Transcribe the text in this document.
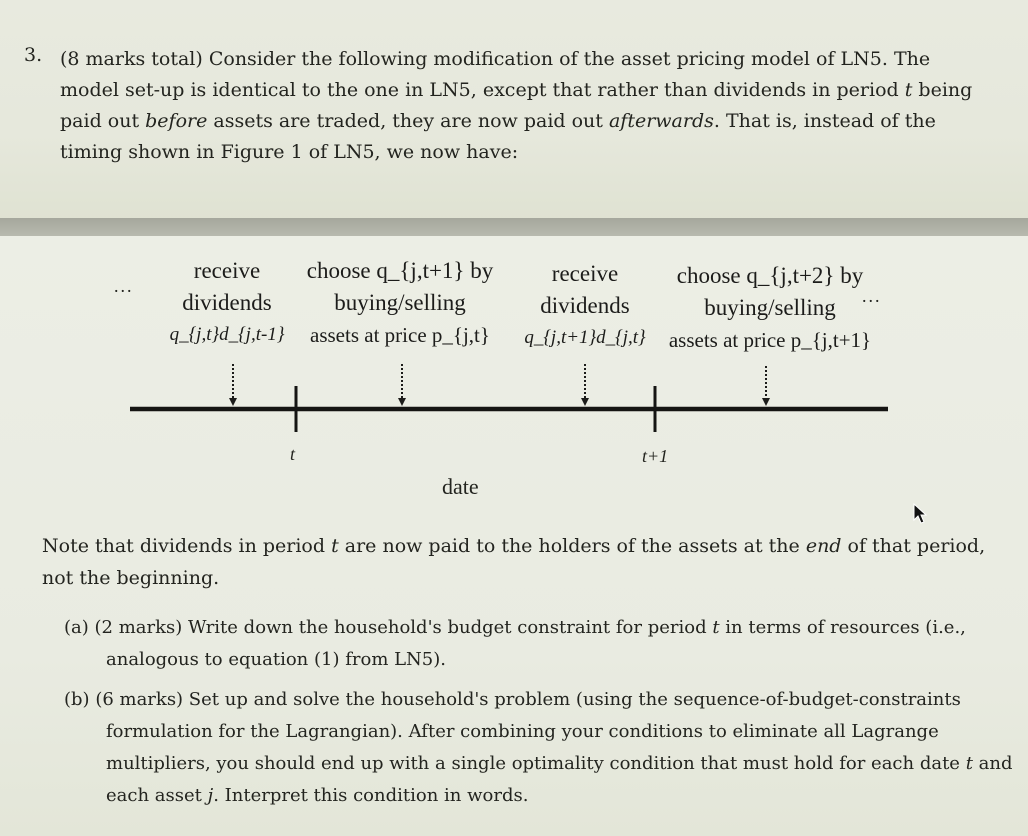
3. (8 marks total) Consider the following modification of the asset pricing model of LN5. The model set-up is identical to the one in LN5, except that rather than dividends in period t being paid out before assets are traded, they are now paid out afterwards. That is, instead of the timing shown in Figure 1 of LN5, we now have:
...	...
receive
dividends
q_{j,t}d_{j,t-1}
choose q_{j,t+1} by
buying/selling
assets at price p_{j,t}
receive
dividends
q_{j,t+1}d_{j,t}
choose q_{j,t+2} by
buying/selling
assets at price p_{j,t+1}
t	t+1
date
Note that dividends in period t are now paid to the holders of the assets at the end of that period, not the beginning.
(a) (2 marks) Write down the household's budget constraint for period t in terms of resources (i.e., analogous to equation (1) from LN5).
(b) (6 marks) Set up and solve the household's problem (using the sequence-of-budget-constraints formulation for the Lagrangian). After combining your conditions to eliminate all Lagrange multipliers, you should end up with a single optimality condition that must hold for each date t and each asset j. Interpret this condition in words.
